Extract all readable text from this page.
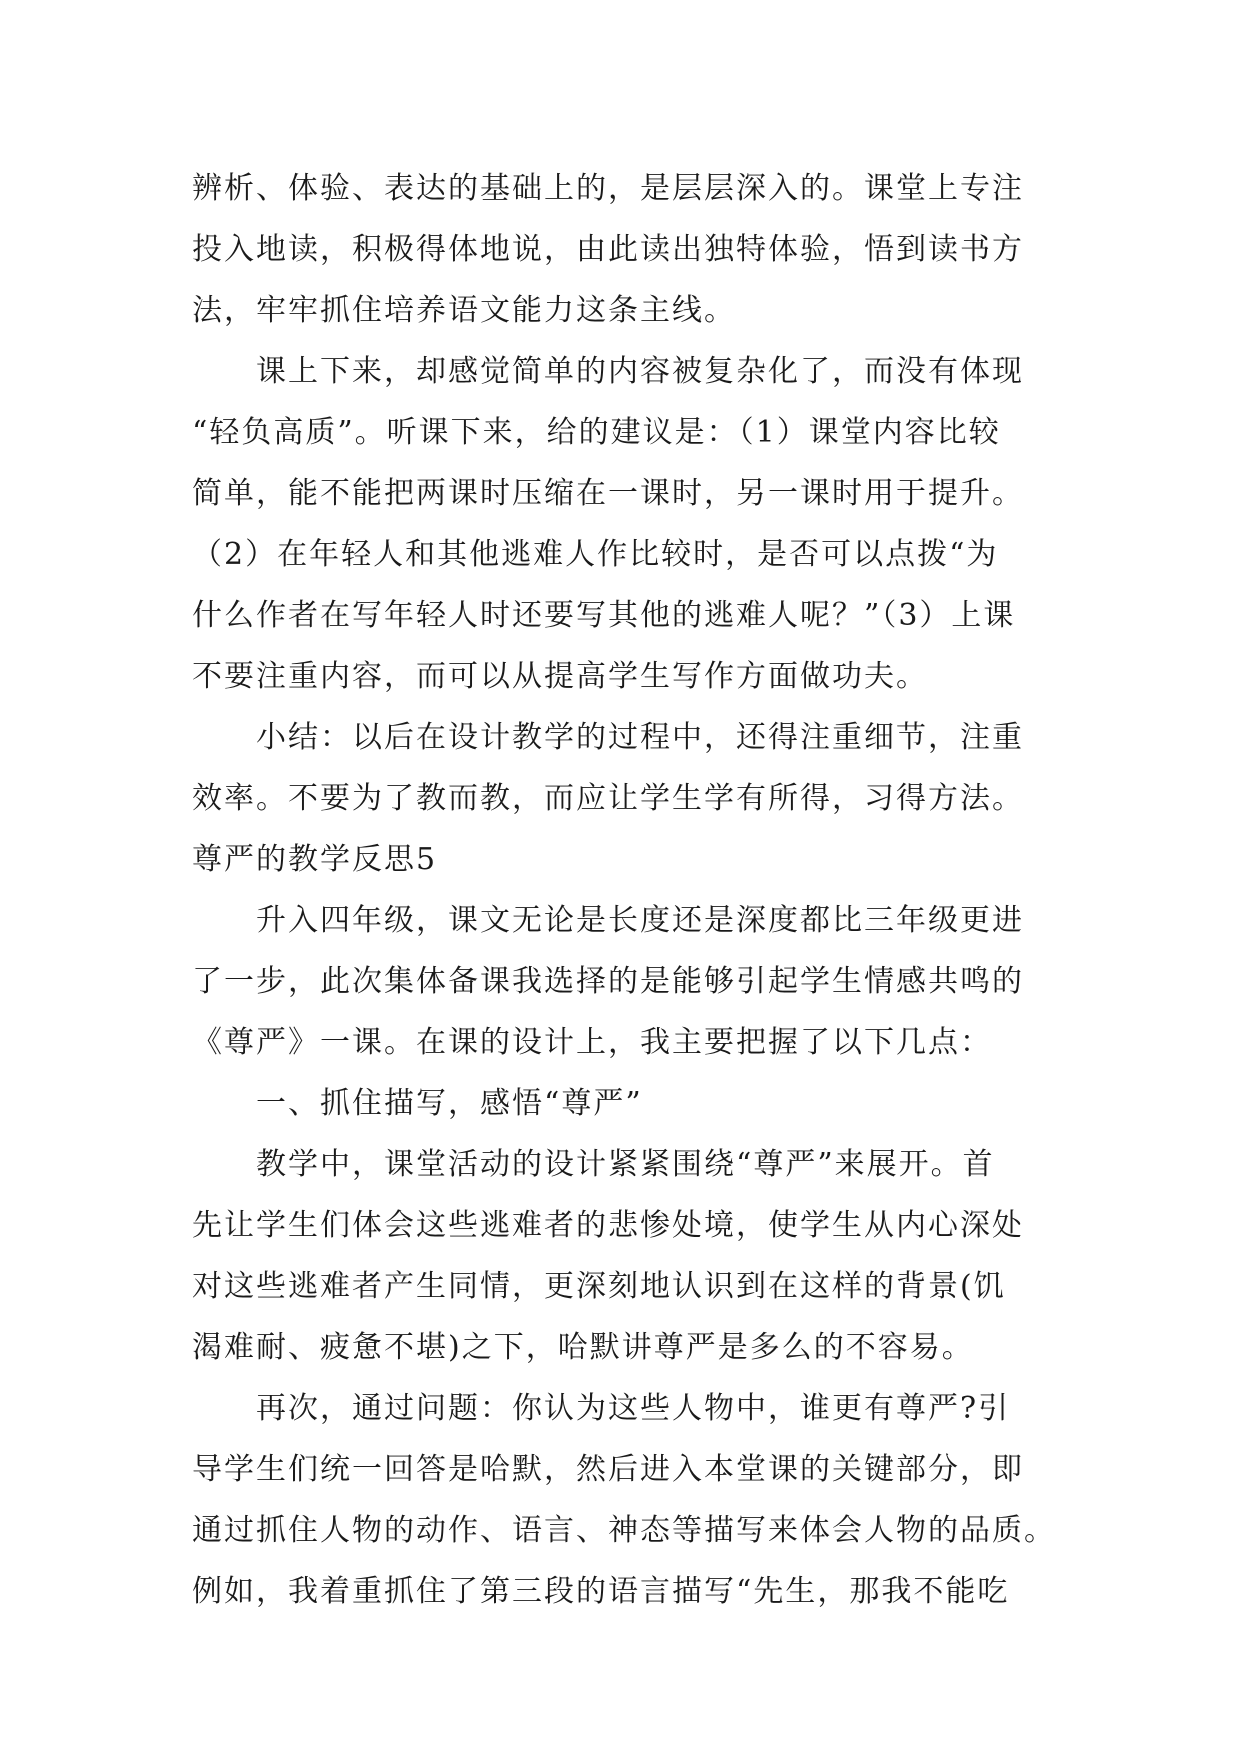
辨析、体验、表达的基础上的，是层层深入的。课堂上专注
投入地读，积极得体地说，由此读出独特体验，悟到读书方
法，牢牢抓住培养语文能力这条主线。
　　课上下来，却感觉简单的内容被复杂化了，而没有体现
“轻负高质”。听课下来，给的建议是：（1）课堂内容比较
简单，能不能把两课时压缩在一课时，另一课时用于提升。
（2）在年轻人和其他逃难人作比较时，是否可以点拨“为
什么作者在写年轻人时还要写其他的逃难人呢？”（3）上课
不要注重内容，而可以从提高学生写作方面做功夫。
　　小结：以后在设计教学的过程中，还得注重细节，注重
效率。不要为了教而教，而应让学生学有所得，习得方法。
尊严的教学反思5
　　升入四年级，课文无论是长度还是深度都比三年级更进
了一步，此次集体备课我选择的是能够引起学生情感共鸣的
《尊严》一课。在课的设计上，我主要把握了以下几点：
　　一、抓住描写，感悟“尊严”
　　教学中，课堂活动的设计紧紧围绕“尊严”来展开。首
先让学生们体会这些逃难者的悲惨处境，使学生从内心深处
对这些逃难者产生同情，更深刻地认识到在这样的背景(饥
渴难耐、疲惫不堪)之下，哈默讲尊严是多么的不容易。
　　再次，通过问题：你认为这些人物中，谁更有尊严?引
导学生们统一回答是哈默，然后进入本堂课的关键部分，即
通过抓住人物的动作、语言、神态等描写来体会人物的品质。
例如，我着重抓住了第三段的语言描写“先生，那我不能吃
